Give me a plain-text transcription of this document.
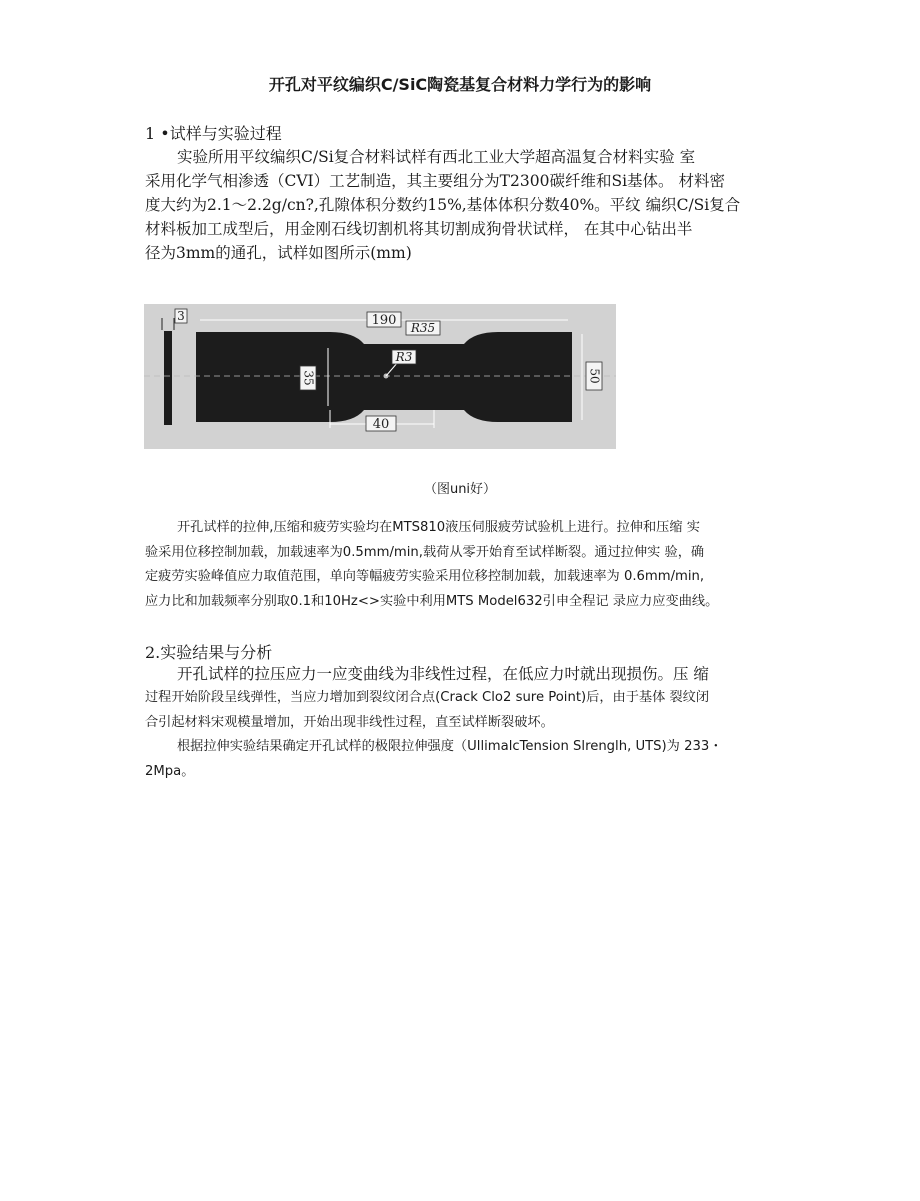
开孔对平纹编织C/SiC陶瓷基复合材料力学行为的影响
1 •试样与实验过程
实验所用平纹编织C/Si复合材料试样有西北工业大学超高温复合材料实验 室
采用化学气相渗透（CVI）工艺制造，其主要组分为T2300碳纤维和Si基体。 材料密
度大约为2.1～2.2g/cn?,孔隙体积分数约15%,基体体积分数40%。平纹 编织C/Si复合
材料板加工成型后，用金刚石线切割机将其切割成狗骨状试样， 在其中心钻出半
径为3mm的通孔，试样如图所示(mm)
3	190 R35
R3
35	50
40
（图uni好）
开孔试样的拉伸,压缩和疲劳实验均在MTS810液压伺服疲劳试验机上进行。拉伸和压缩 实
验采用位移控制加载，加载速率为0.5mm/min,载荷从零开始育至试样断裂。通过拉伸实 验，确
定疲劳实验峰值应力取值范围，单向等幅疲劳实验采用位移控制加载，加载速率为 0.6mm/min,
应力比和加载频率分别取0.1和10Hz<>实验中利用MTS Model632引申全程记 录应力应变曲线。
2.实验结果与分析
开孔试样的拉压应力一应变曲线为非线性过程，在低应力吋就出现损伤。压 缩
过程开始阶段呈线弹性，当应力增加到裂纹闭合点(Crack Clo2 sure Point)后，由于基体 裂纹闭
合引起材料宋观模量增加，开始出现非线性过程，直至试样断裂破坏。
根据拉伸实验结果确定开孔试样的极限拉伸强度（UllimalcTension Slrenglh, UTS)为 233・
2Mpa。
